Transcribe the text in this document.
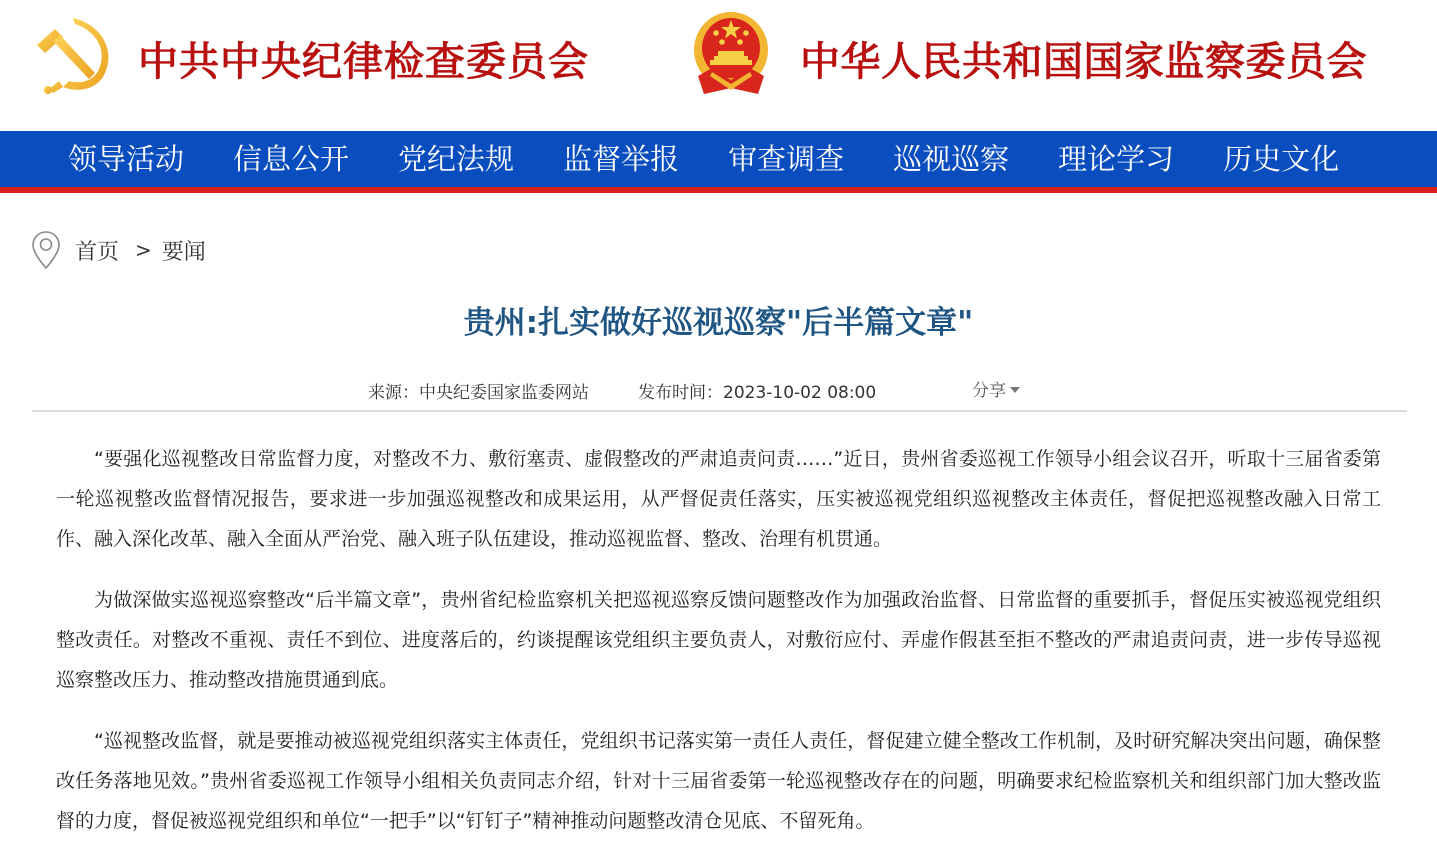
中共中央纪律检查委员会	中华人民共和国国家监察委员会
领导活动 信息公开 党纪法规 监督举报 审查调查 巡视巡察 理论学习 历史文化
首页 > 要闻
贵州:扎实做好巡视巡察"后半篇文章"
来源：中央纪委国家监委网站	发布时间：2023-10-02 08:00	分享

“要强化巡视整改日常监督力度，对整改不力、敷衍塞责、虚假整改的严肃追责问责……”近日，贵州省委巡视工作领导小组会议召开，听取十三届省委第一轮巡视整改监督情况报告，要求进一步加强巡视整改和成果运用，从严督促责任落实，压实被巡视党组织巡视整改主体责任，督促把巡视整改融入日常工作、融入深化改革、融入全面从严治党、融入班子队伍建设，推动巡视监督、整改、治理有机贯通。

为做深做实巡视巡察整改“后半篇文章”，贵州省纪检监察机关把巡视巡察反馈问题整改作为加强政治监督、日常监督的重要抓手，督促压实被巡视党组织整改责任。对整改不重视、责任不到位、进度落后的，约谈提醒该党组织主要负责人，对敷衍应付、弄虚作假甚至拒不整改的严肃追责问责，进一步传导巡视巡察整改压力、推动整改措施贯通到底。

“巡视整改监督，就是要推动被巡视党组织落实主体责任，党组织书记落实第一责任人责任，督促建立健全整改工作机制，及时研究解决突出问题，确保整改任务落地见效。”贵州省委巡视工作领导小组相关负责同志介绍，针对十三届省委第一轮巡视整改存在的问题，明确要求纪检监察机关和组织部门加大整改监督的力度，督促被巡视党组织和单位“一把手”以“钉钉子”精神推动问题整改清仓见底、不留死角。
